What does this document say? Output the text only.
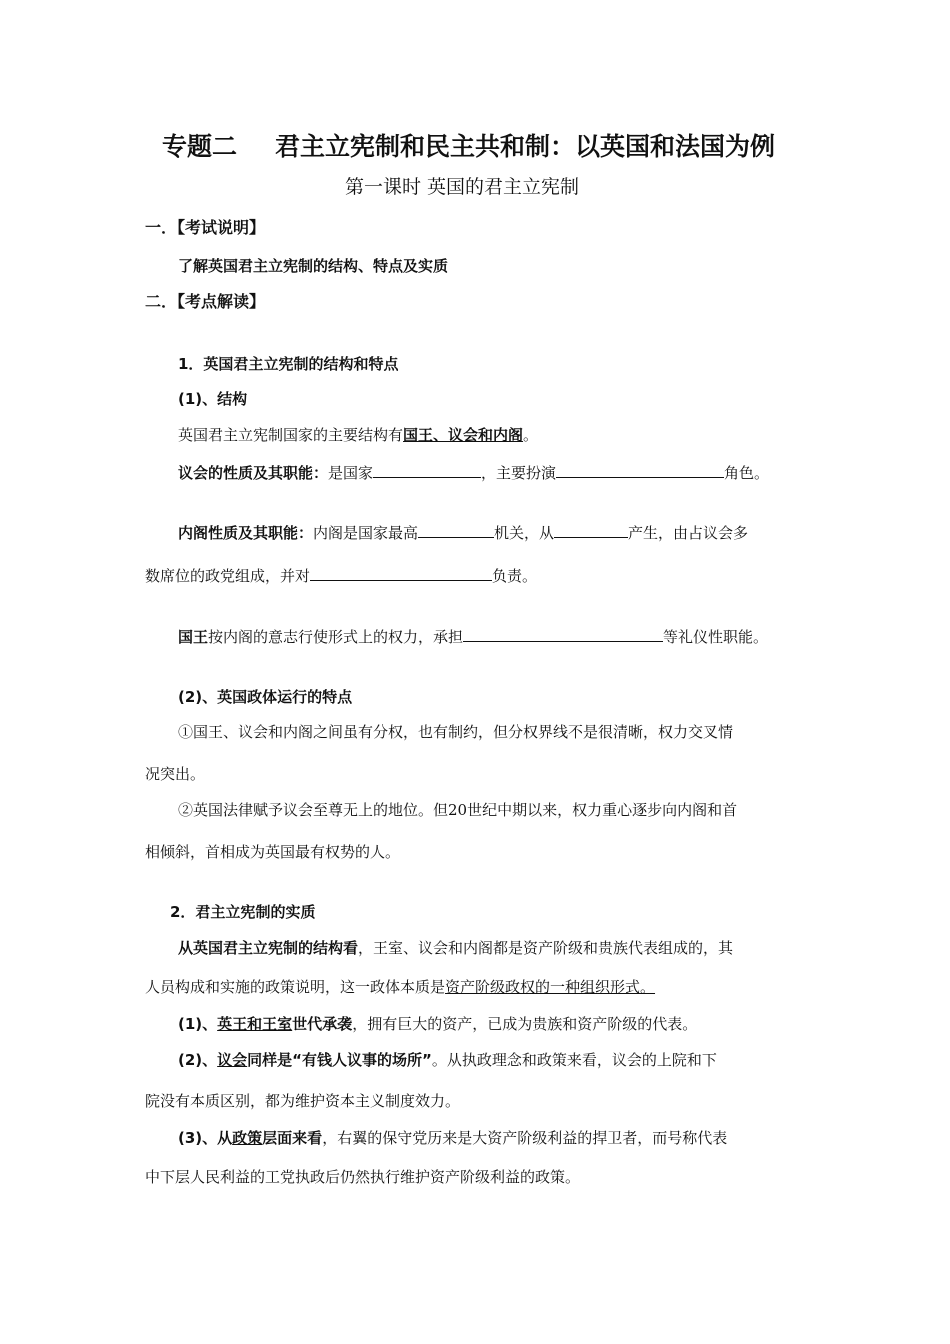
专题二 君主立宪制和民主共和制：以英国和法国为例
第一课时 英国的君主立宪制
一．【考试说明】
了解英国君主立宪制的结构、特点及实质
二．【考点解读】
1．英国君主立宪制的结构和特点
(1)、结构
英国君主立宪制国家的主要结构有国王、议会和内阁。
议会的性质及其职能：是国家	，主要扮演	角色。
内阁性质及其职能：内阁是国家最高	机关，从	产生，由占议会多
数席位的政党组成，并对	负责。
国王按内阁的意志行使形式上的权力，承担	等礼仪性职能。
(2)、英国政体运行的特点
①国王、议会和内阁之间虽有分权，也有制约，但分权界线不是很清晰，权力交叉情
况突出。
②英国法律赋予议会至尊无上的地位。但20世纪中期以来，权力重心逐步向内阁和首
相倾斜，首相成为英国最有权势的人。
2．君主立宪制的实质
从英国君主立宪制的结构看，王室、议会和内阁都是资产阶级和贵族代表组成的，其
人员构成和实施的政策说明，这一政体本质是资产阶级政权的一种组织形式。
(1)、英王和王室世代承袭，拥有巨大的资产，已成为贵族和资产阶级的代表。
(2)、议会同样是“有钱人议事的场所”。从执政理念和政策来看，议会的上院和下
院没有本质区别，都为维护资本主义制度效力。
(3)、从政策层面来看，右翼的保守党历来是大资产阶级利益的捍卫者，而号称代表
中下层人民利益的工党执政后仍然执行维护资产阶级利益的政策。
